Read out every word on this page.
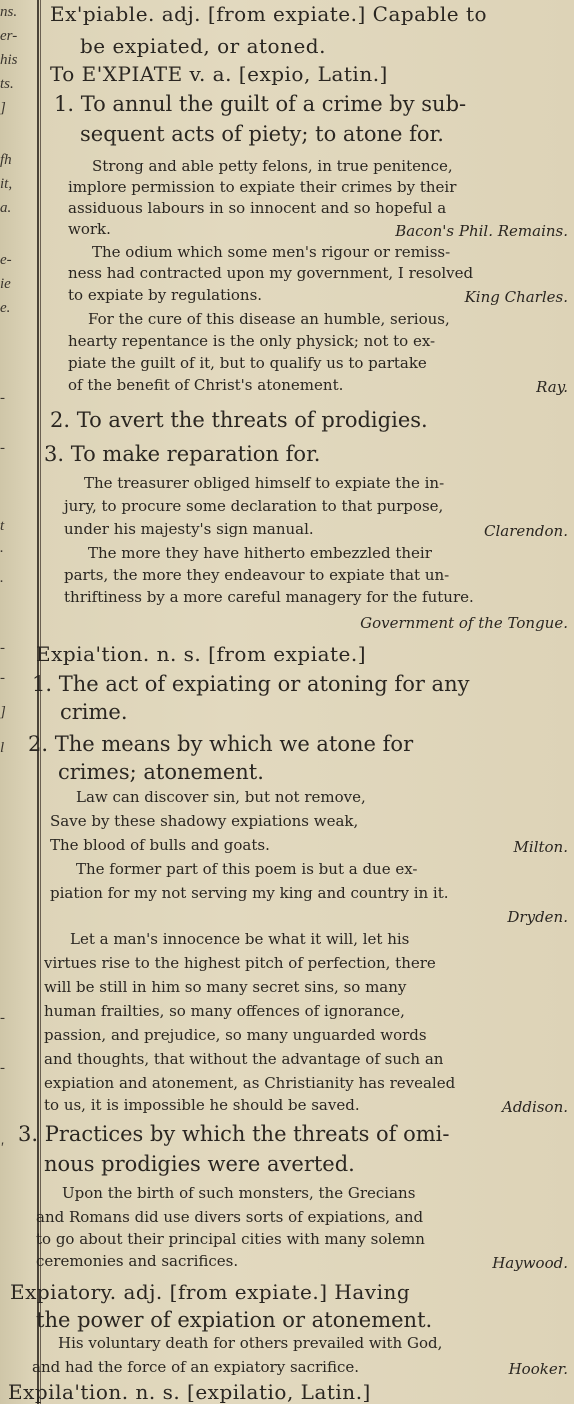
ns.
er-
his
ts.
]
fh
it,
a.
e-
ie
e.
-
-
t
.
.
-
-
]
l
-
-
'
Ex'piable. adj. [from expiate.] Capable to
be expiated, or atoned.
To E'XPIATE v. a. [expio, Latin.]
1. To annul the guilt of a crime by sub-
sequent acts of piety; to atone for.
Strong and able petty felons, in true penitence,
implore permission to expiate their crimes by their
assiduous labours in so innocent and so hopeful a
work.
The odium which some men's rigour or remiss-
ness had contracted upon my government, I resolved
to expiate by regulations.
For the cure of this disease an humble, serious,
hearty repentance is the only physick; not to ex-
piate the guilt of it, but to qualify us to partake
of the benefit of Christ's atonement.
2. To avert the threats of prodigies.
3. To make reparation for.
The treasurer obliged himself to expiate the in-
jury, to procure some declaration to that purpose,
under his majesty's sign manual.
The more they have hitherto embezzled their
parts, the more they endeavour to expiate that un-
thriftiness by a more careful managery for the future.
Expia'tion. n. s. [from expiate.]
1. The act of expiating or atoning for any
crime.
2. The means by which we atone for
crimes; atonement.
Law can discover sin, but not remove,
Save by these shadowy expiations weak,
The blood of bulls and goats.
The former part of this poem is but a due ex-
piation for my not serving my king and country in it.
Let a man's innocence be what it will, let his
virtues rise to the highest pitch of perfection, there
will be still in him so many secret sins, so many
human frailties, so many offences of ignorance,
passion, and prejudice, so many unguarded words
and thoughts, that without the advantage of such an
expiation and atonement, as Christianity has revealed
to us, it is impossible he should be saved.
3. Practices by which the threats of omi-
nous prodigies were averted.
Upon the birth of such monsters, the Grecians
and Romans did use divers sorts of expiations, and
to go about their principal cities with many solemn
ceremonies and sacrifices.
Expiatory. adj. [from expiate.] Having
the power of expiation or atonement.
His voluntary death for others prevailed with God,
and had the force of an expiatory sacrifice.
Expila'tion. n. s. [expilatio, Latin.]
Bacon's Phil. Remains.
King Charles.
Ray.
Clarendon.
Government of the Tongue.
Milton.
Dryden.
Addison.
Haywood.
Hooker.
